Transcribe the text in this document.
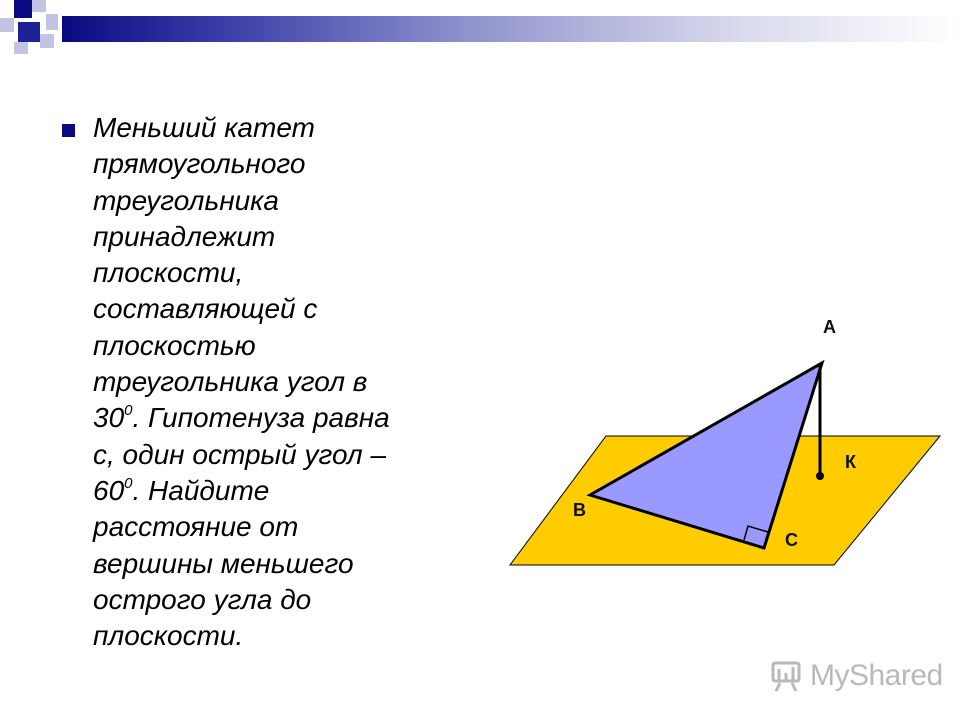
Меньший катет
прямоугольного
треугольника
принадлежит
плоскости,
составляющей с
плоскостью
треугольника угол в
$30^0$. Гипотенуза равна
с, один острый угол –
$60^0$. Найдите
расстояние от
вершины меньшего
острого угла до
плоскости.

А
В
С
К
MyShared
